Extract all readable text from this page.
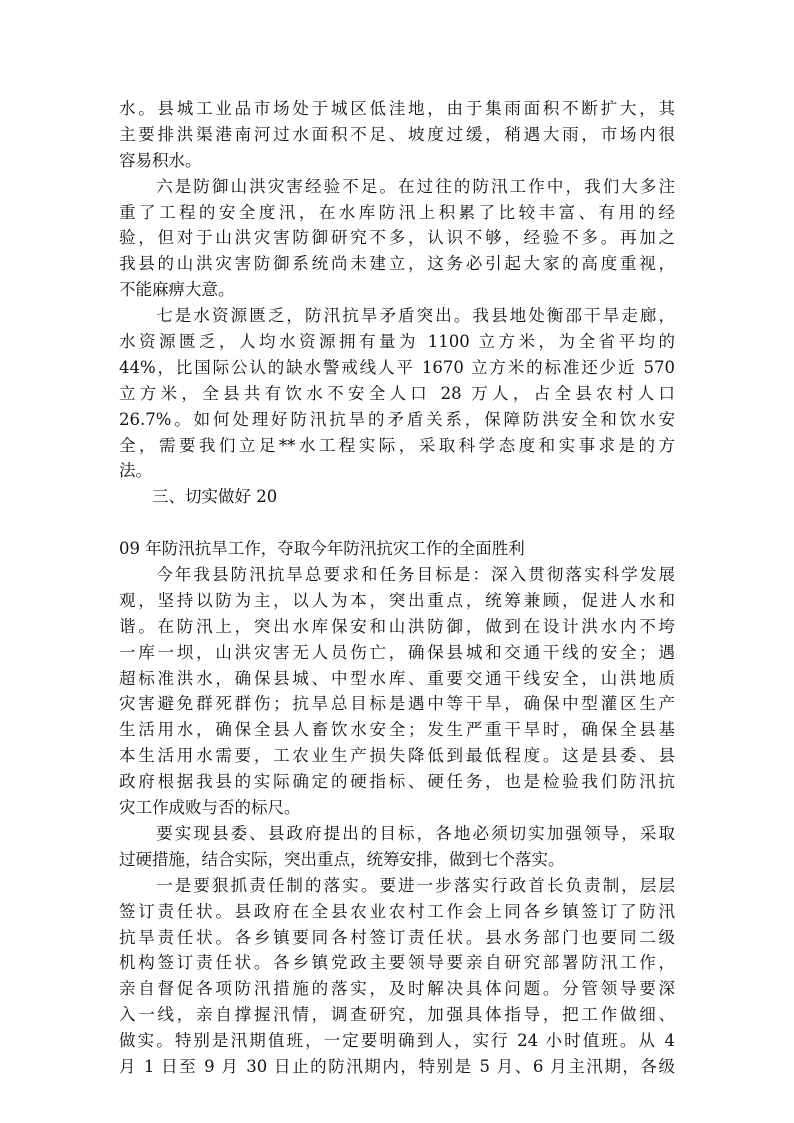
水。县城工业品市场处于城区低洼地，由于集雨面积不断扩大，其
主要排洪渠港南河过水面积不足、坡度过缓，稍遇大雨，市场内很
容易积水。
　　六是防御山洪灾害经验不足。在过往的防汛工作中，我们大多注
重了工程的安全度汛，在水库防汛上积累了比较丰富、有用的经
验，但对于山洪灾害防御研究不多，认识不够，经验不多。再加之
我县的山洪灾害防御系统尚未建立，这务必引起大家的高度重视，
不能麻痹大意。
　　七是水资源匮乏，防汛抗旱矛盾突出。我县地处衡邵干旱走廊，
水资源匮乏，人均水资源拥有量为 1100 立方米，为全省平均的
44%，比国际公认的缺水警戒线人平 1670 立方米的标准还少近 570
立方米，全县共有饮水不安全人口 28 万人，占全县农村人口
26.7%。如何处理好防汛抗旱的矛盾关系，保障防洪安全和饮水安
全，需要我们立足**水工程实际，采取科学态度和实事求是的方
法。
　　三、切实做好 20
09 年防汛抗旱工作，夺取今年防汛抗灾工作的全面胜利
　　今年我县防汛抗旱总要求和任务目标是：深入贯彻落实科学发展
观，坚持以防为主，以人为本，突出重点，统筹兼顾，促进人水和
谐。在防汛上，突出水库保安和山洪防御，做到在设计洪水内不垮
一库一坝，山洪灾害无人员伤亡，确保县城和交通干线的安全；遇
超标准洪水，确保县城、中型水库、重要交通干线安全，山洪地质
灾害避免群死群伤；抗旱总目标是遇中等干旱，确保中型灌区生产
生活用水，确保全县人畜饮水安全；发生严重干旱时，确保全县基
本生活用水需要，工农业生产损失降低到最低程度。这是县委、县
政府根据我县的实际确定的硬指标、硬任务，也是检验我们防汛抗
灾工作成败与否的标尺。
　　要实现县委、县政府提出的目标，各地必须切实加强领导，采取
过硬措施，结合实际，突出重点，统筹安排，做到七个落实。
　　一是要狠抓责任制的落实。要进一步落实行政首长负责制，层层
签订责任状。县政府在全县农业农村工作会上同各乡镇签订了防汛
抗旱责任状。各乡镇要同各村签订责任状。县水务部门也要同二级
机构签订责任状。各乡镇党政主要领导要亲自研究部署防汛工作，
亲自督促各项防汛措施的落实，及时解决具体问题。分管领导要深
入一线，亲自撑握汛情，调查研究，加强具体指导，把工作做细、
做实。特别是汛期值班，一定要明确到人，实行 24 小时值班。从 4
月 1 日至 9 月 30 日止的防汛期内，特别是 5 月、6 月主汛期，各级
